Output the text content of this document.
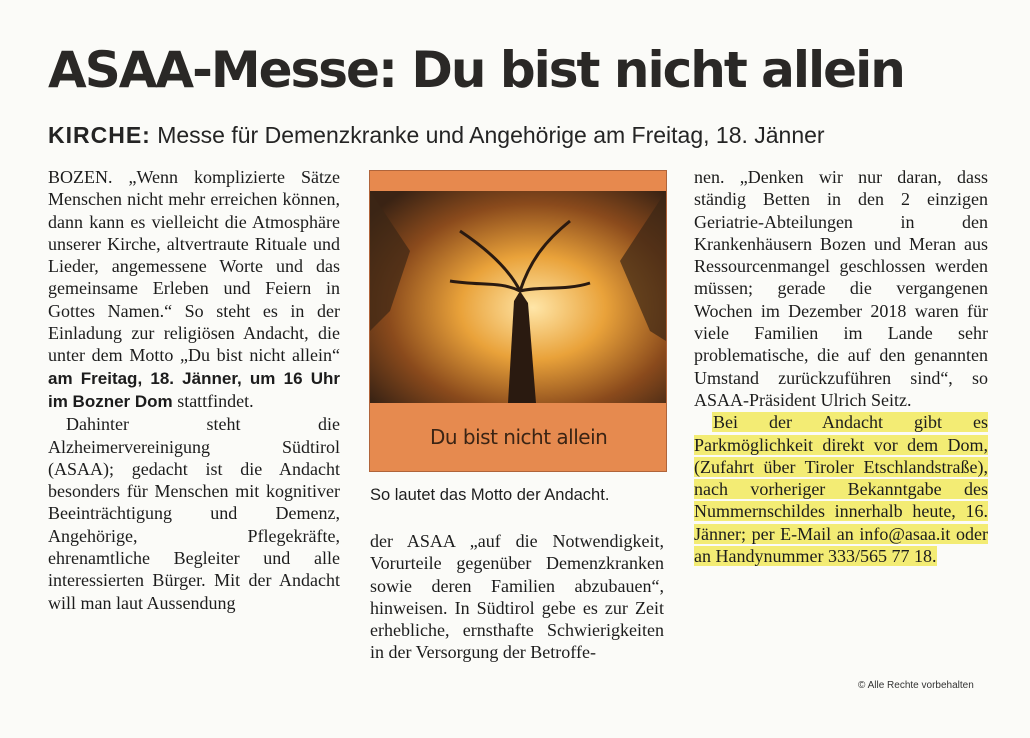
ASAA-Messe: Du bist nicht allein
KIRCHE: Messe für Demenzkranke und Angehörige am Freitag, 18. Jänner

BOZEN. „Wenn komplizierte Sätze Menschen nicht mehr erreichen können, dann kann es vielleicht die Atmosphäre unserer Kirche, altvertraute Rituale und Lieder, angemessene Worte und das gemeinsame Erleben und Feiern in Gottes Namen.“ So steht es in der Einladung zur religiösen Andacht, die unter dem Motto „Du bist nicht allein“ am Freitag, 18. Jänner, um 16 Uhr im Bozner Dom stattfindet.

Dahinter steht die Alzheimervereinigung Südtirol (ASAA); gedacht ist die Andacht besonders für Menschen mit kognitiver Beeinträchtigung und Demenz, Angehörige, Pflegekräfte, ehrenamtliche Begleiter und alle interessierten Bürger. Mit der Andacht will man laut Aussendung

Du bist nicht allein
So lautet das Motto der Andacht.

der ASAA „auf die Notwendigkeit, Vorurteile gegenüber Demenzkranken sowie deren Familien abzubauen“, hinweisen. In Südtirol gebe es zur Zeit erhebliche, ernsthafte Schwierigkeiten in der Versorgung der Betroffe-

nen. „Denken wir nur daran, dass ständig Betten in den 2 einzigen Geriatrie-Abteilungen in den Krankenhäusern Bozen und Meran aus Ressourcenmangel geschlossen werden müssen; gerade die vergangenen Wochen im Dezember 2018 waren für viele Familien im Lande sehr problematische, die auf den genannten Umstand zurückzuführen sind“, so ASAA-Präsident Ulrich Seitz.

Bei der Andacht gibt es Parkmöglichkeit direkt vor dem Dom, (Zufahrt über Tiroler Etschlandstraße), nach vorheriger Bekanntgabe des Nummernschildes innerhalb heute, 16. Jänner; per E-Mail an info@asaa.it oder an Handynummer 333/565 77 18.

© Alle Rechte vorbehalten
